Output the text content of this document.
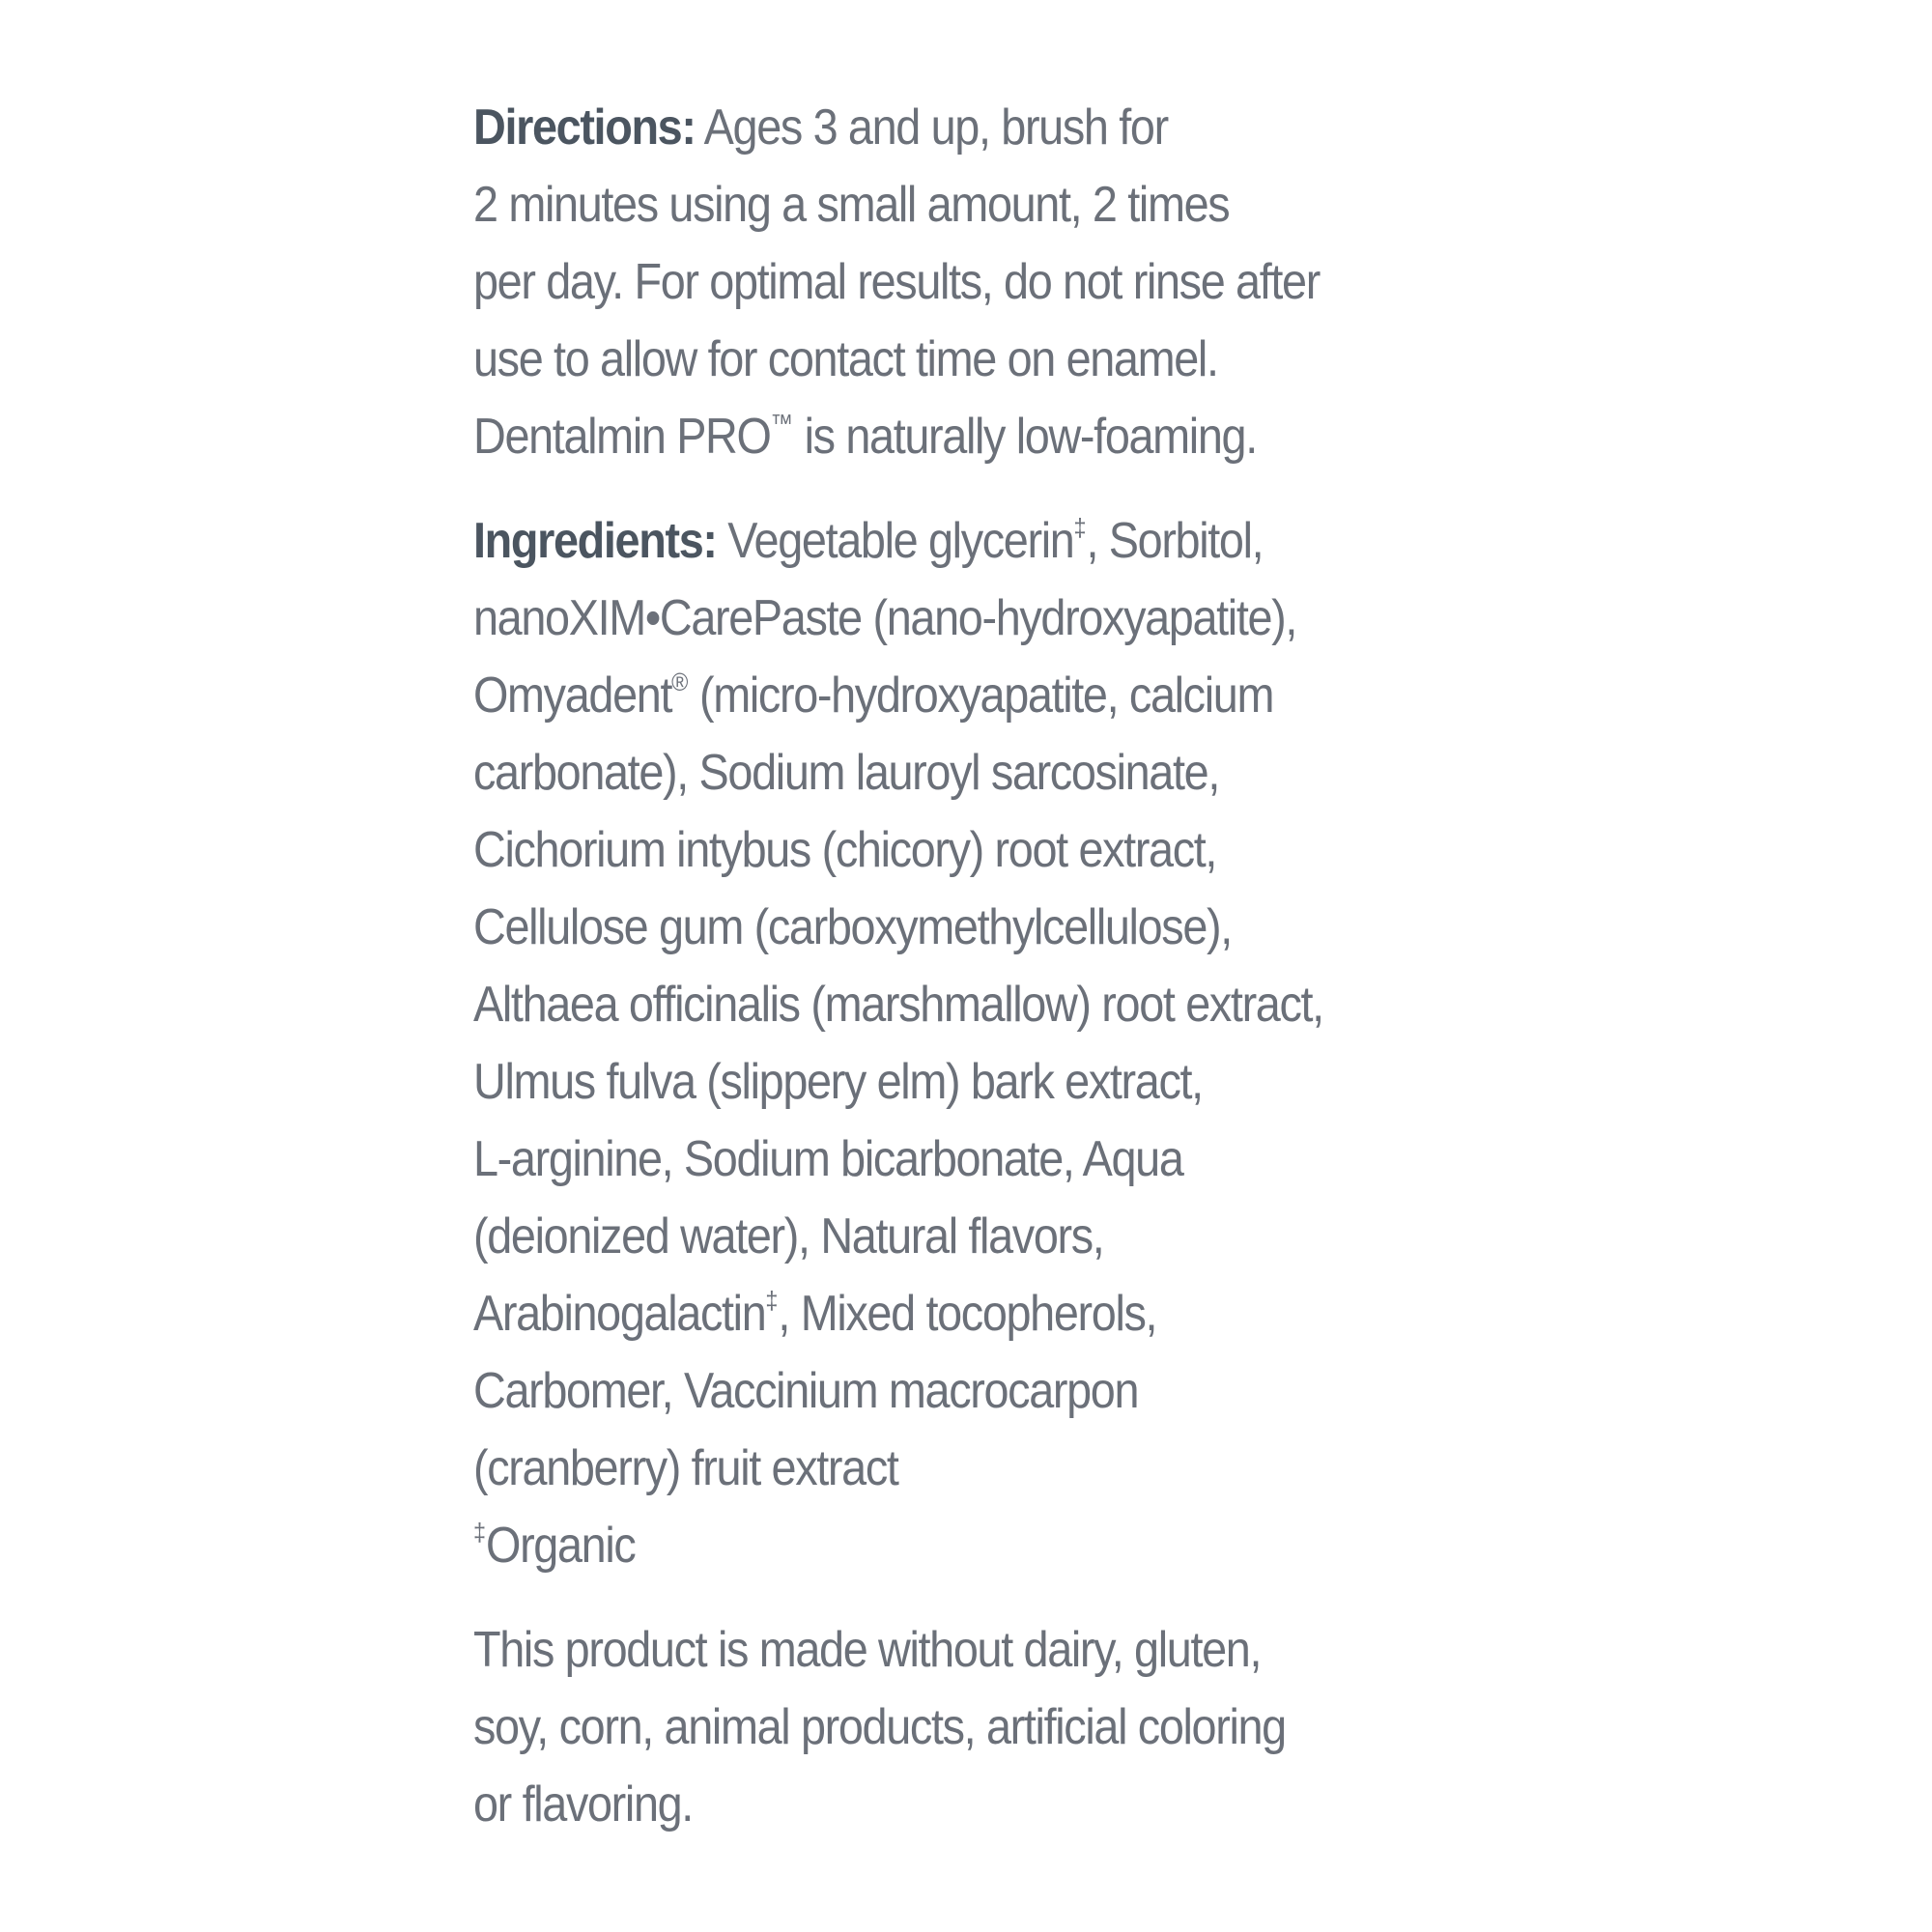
Directions: Ages 3 and up, brush for
2 minutes using a small amount, 2 times
per day. For optimal results, do not rinse after
use to allow for contact time on enamel.
Dentalmin PRO™ is naturally low-foaming.

Ingredients: Vegetable glycerin‡, Sorbitol,
nanoXIM•CarePaste (nano-hydroxyapatite),
Omyadent® (micro-hydroxyapatite, calcium
carbonate), Sodium lauroyl sarcosinate,
Cichorium intybus (chicory) root extract,
Cellulose gum (carboxymethylcellulose),
Althaea officinalis (marshmallow) root extract,
Ulmus fulva (slippery elm) bark extract,
L-arginine, Sodium bicarbonate, Aqua
(deionized water), Natural flavors,
Arabinogalactin‡, Mixed tocopherols,
Carbomer, Vaccinium macrocarpon
(cranberry) fruit extract
‡Organic

This product is made without dairy, gluten,
soy, corn, animal products, artificial coloring
or flavoring.
